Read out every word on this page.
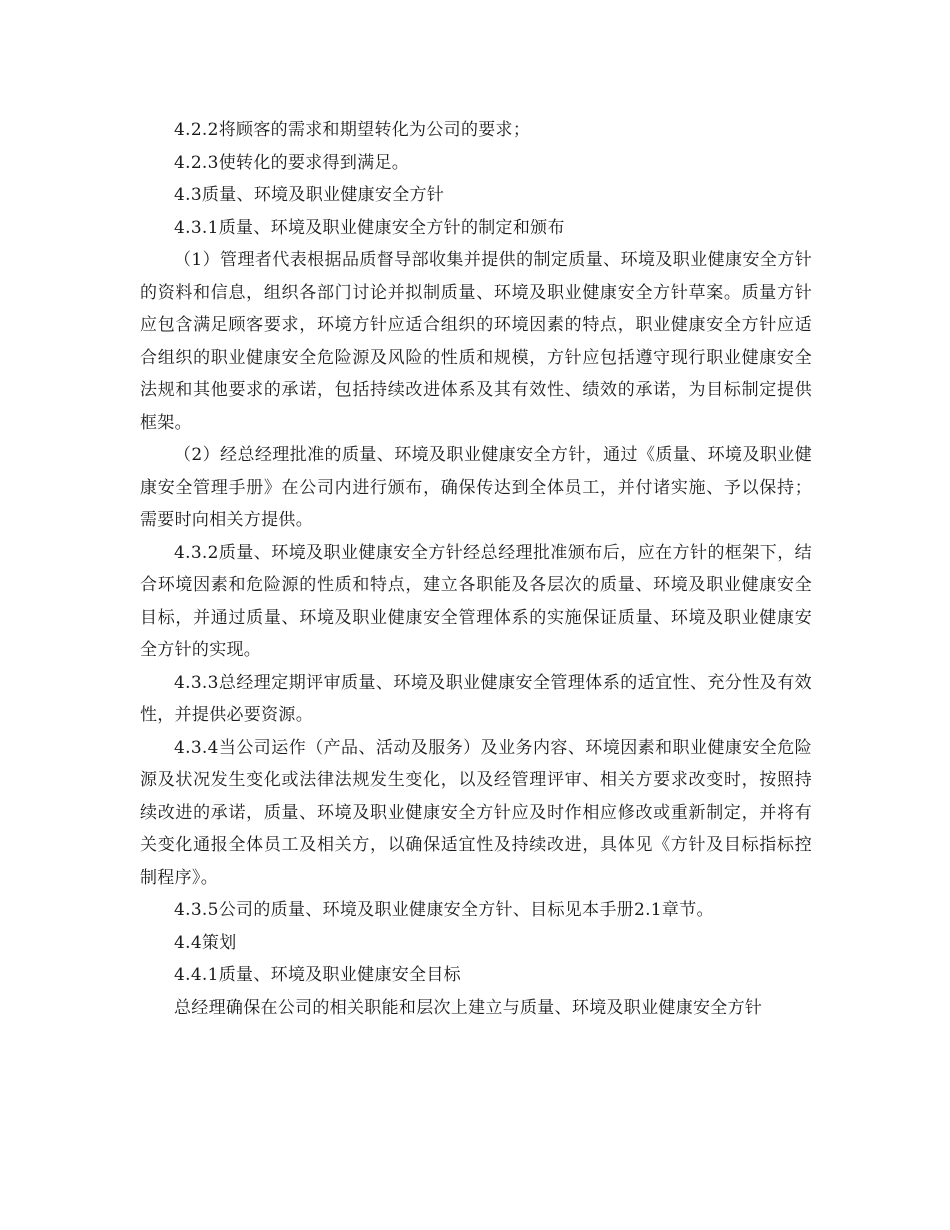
4.2.2将顾客的需求和期望转化为公司的要求；

4.2.3使转化的要求得到满足。

4.3质量、环境及职业健康安全方针

4.3.1质量、环境及职业健康安全方针的制定和颁布

（1）管理者代表根据品质督导部收集并提供的制定质量、环境及职业健康安全方针的资料和信息，组织各部门讨论并拟制质量、环境及职业健康安全方针草案。质量方针应包含满足顾客要求，环境方针应适合组织的环境因素的特点，职业健康安全方针应适合组织的职业健康安全危险源及风险的性质和规模，方针应包括遵守现行职业健康安全法规和其他要求的承诺，包括持续改进体系及其有效性、绩效的承诺，为目标制定提供框架。

（2）经总经理批准的质量、环境及职业健康安全方针，通过《质量、环境及职业健康安全管理手册》在公司内进行颁布，确保传达到全体员工，并付诸实施、予以保持；需要时向相关方提供。

4.3.2质量、环境及职业健康安全方针经总经理批准颁布后，应在方针的框架下，结合环境因素和危险源的性质和特点，建立各职能及各层次的质量、环境及职业健康安全目标，并通过质量、环境及职业健康安全管理体系的实施保证质量、环境及职业健康安全方针的实现。

4.3.3总经理定期评审质量、环境及职业健康安全管理体系的适宜性、充分性及有效性，并提供必要资源。

4.3.4当公司运作（产品、活动及服务）及业务内容、环境因素和职业健康安全危险源及状况发生变化或法律法规发生变化，以及经管理评审、相关方要求改变时，按照持续改进的承诺，质量、环境及职业健康安全方针应及时作相应修改或重新制定，并将有关变化通报全体员工及相关方，以确保适宜性及持续改进，具体见《方针及目标指标控制程序》。

4.3.5公司的质量、环境及职业健康安全方针、目标见本手册2.1章节。

4.4策划

4.4.1质量、环境及职业健康安全目标

总经理确保在公司的相关职能和层次上建立与质量、环境及职业健康安全方针
